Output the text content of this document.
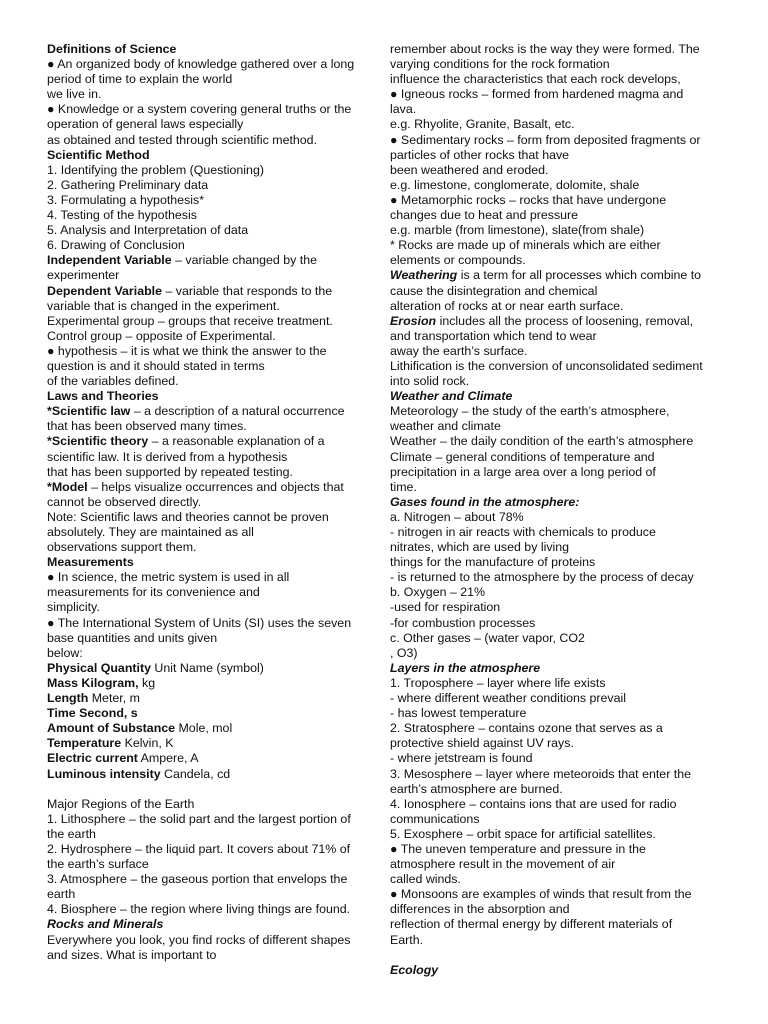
Definitions of Science
● An organized body of knowledge gathered over a long
period of time to explain the world
we live in.
● Knowledge or a system covering general truths or the
operation of general laws especially
as obtained and tested through scientific method.
Scientific Method
1. Identifying the problem (Questioning)
2. Gathering Preliminary data
3. Formulating a hypothesis*
4. Testing of the hypothesis
5. Analysis and Interpretation of data
6. Drawing of Conclusion
Independent Variable – variable changed by the
experimenter
Dependent Variable – variable that responds to the
variable that is changed in the experiment.
Experimental group – groups that receive treatment.
Control group – opposite of Experimental.
● hypothesis – it is what we think the answer to the
question is and it should stated in terms
of the variables defined.
Laws and Theories
*Scientific law – a description of a natural occurrence
that has been observed many times.
*Scientific theory – a reasonable explanation of a
scientific law. It is derived from a hypothesis
that has been supported by repeated testing.
*Model – helps visualize occurrences and objects that
cannot be observed directly.
Note: Scientific laws and theories cannot be proven
absolutely. They are maintained as all
observations support them.
Measurements
● In science, the metric system is used in all
measurements for its convenience and
simplicity.
● The International System of Units (SI) uses the seven
base quantities and units given
below:
Physical Quantity Unit Name (symbol)
Mass Kilogram, kg
Length Meter, m
Time Second, s
Amount of Substance Mole, mol
Temperature Kelvin, K
Electric current Ampere, A
Luminous intensity Candela, cd
Major Regions of the Earth
1. Lithosphere – the solid part and the largest portion of
the earth
2. Hydrosphere – the liquid part. It covers about 71% of
the earth’s surface
3. Atmosphere – the gaseous portion that envelops the
earth
4. Biosphere – the region where living things are found.
Rocks and Minerals
Everywhere you look, you find rocks of different shapes
and sizes. What is important to
remember about rocks is the way they were formed. The
varying conditions for the rock formation
influence the characteristics that each rock develops,
● Igneous rocks – formed from hardened magma and
lava.
e.g. Rhyolite, Granite, Basalt, etc.
● Sedimentary rocks – form from deposited fragments or
particles of other rocks that have
been weathered and eroded.
e.g. limestone, conglomerate, dolomite, shale
● Metamorphic rocks – rocks that have undergone
changes due to heat and pressure
e.g. marble (from limestone), slate(from shale)
* Rocks are made up of minerals which are either
elements or compounds.
Weathering is a term for all processes which combine to
cause the disintegration and chemical
alteration of rocks at or near earth surface.
Erosion includes all the process of loosening, removal,
and transportation which tend to wear
away the earth’s surface.
Lithification is the conversion of unconsolidated sediment
into solid rock.
Weather and Climate
Meteorology – the study of the earth’s atmosphere,
weather and climate
Weather – the daily condition of the earth’s atmosphere
Climate – general conditions of temperature and
precipitation in a large area over a long period of
time.
Gases found in the atmosphere:
a. Nitrogen – about 78%
- nitrogen in air reacts with chemicals to produce
nitrates, which are used by living
things for the manufacture of proteins
- is returned to the atmosphere by the process of decay
b. Oxygen – 21%
-used for respiration
-for combustion processes
c. Other gases – (water vapor, CO2
, O3)
Layers in the atmosphere
1. Troposphere – layer where life exists
- where different weather conditions prevail
- has lowest temperature
2. Stratosphere – contains ozone that serves as a
protective shield against UV rays.
- where jetstream is found
3. Mesosphere – layer where meteoroids that enter the
earth’s atmosphere are burned.
4. Ionosphere – contains ions that are used for radio
communications
5. Exosphere – orbit space for artificial satellites.
● The uneven temperature and pressure in the
atmosphere result in the movement of air
called winds.
● Monsoons are examples of winds that result from the
differences in the absorption and
reflection of thermal energy by different materials of
Earth.
Ecology
